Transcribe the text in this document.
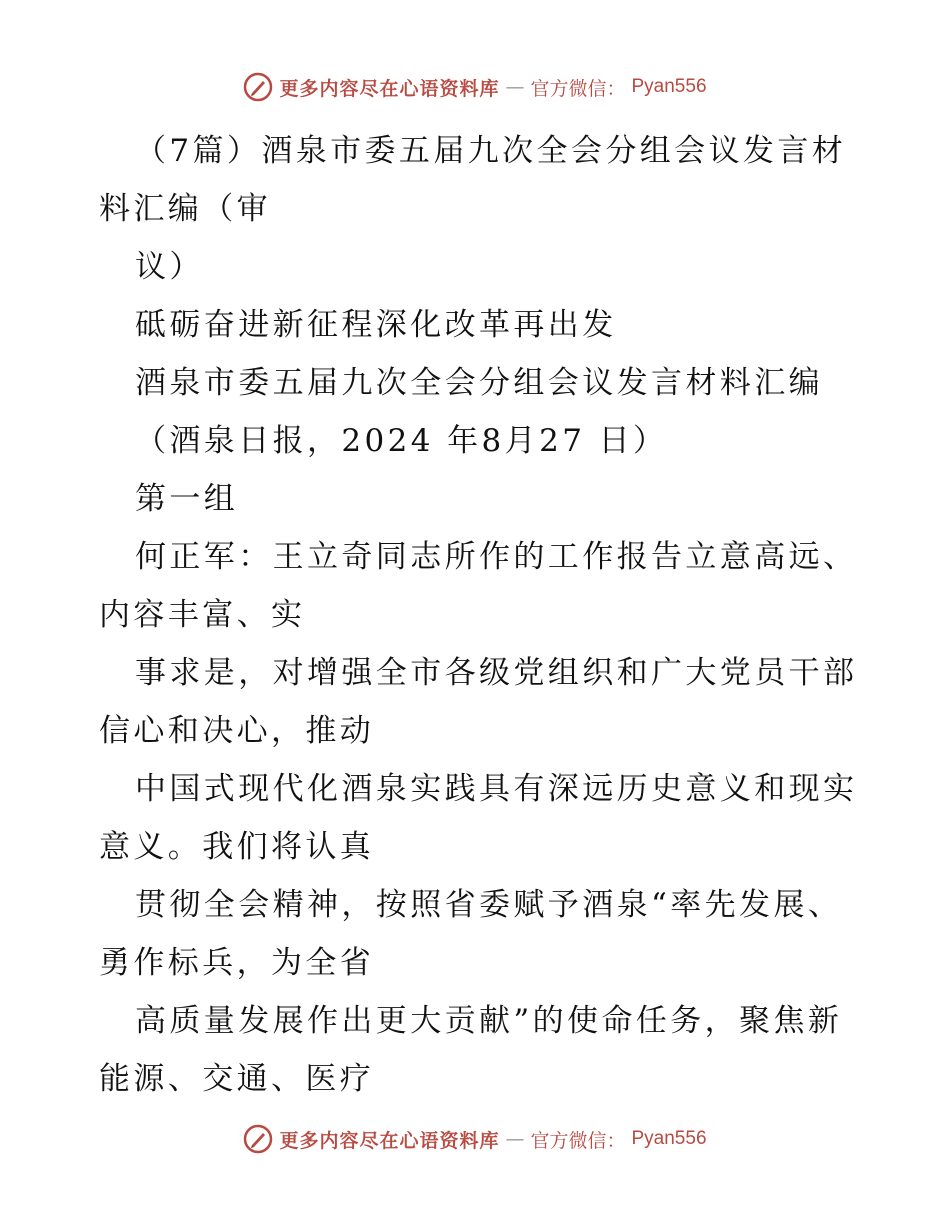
更多内容尽在心语资料库 — 官方微信： Pyan556
（7篇）酒泉市委五届九次全会分组会议发言材
料汇编（审
议）
砥砺奋进新征程深化改革再出发
酒泉市委五届九次全会分组会议发言材料汇编
（酒泉日报，2024 年8月27 日）
第一组
何正军：王立奇同志所作的工作报告立意高远、
内容丰富、实
事求是，对增强全市各级党组织和广大党员干部
信心和决心，推动
中国式现代化酒泉实践具有深远历史意义和现实
意义。我们将认真
贯彻全会精神，按照省委赋予酒泉“率先发展、
勇作标兵，为全省
高质量发展作出更大贡献”的使命任务，聚焦新
能源、交通、医疗
更多内容尽在心语资料库 — 官方微信： Pyan556
